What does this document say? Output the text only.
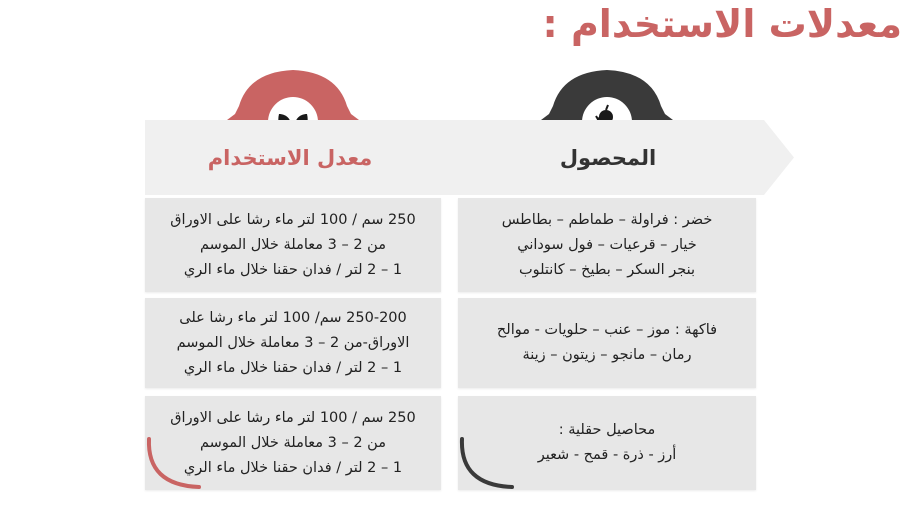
معدلات الاستخدام :
معدل الاستخدام
250 سم / 100 لتر ماء رشا على الاوراق
من 2 – 3 معاملة خلال الموسم
1 – 2 لتر / فدان حقنا خلال ماء الري
250-200 سم/ 100 لتر ماء رشا على
الاوراق-من 2 – 3 معاملة خلال الموسم
1 – 2 لتر / فدان حقنا خلال ماء الري
250 سم / 100 لتر ماء رشا على الاوراق
من 2 – 3 معاملة خلال الموسم
1 – 2 لتر / فدان حقنا خلال ماء الري
المحصول
خضر : فراولة – طماطم – بطاطس
خيار – قرعيات – فول سوداني
بنجر السكر – بطيخ – كانتلوب
فاكهة : موز – عنب – حلويات - موالح
رمان – مانجو – زيتون – زينة
محاصيل حقلية :
أرز - ذرة - قمح - شعير
